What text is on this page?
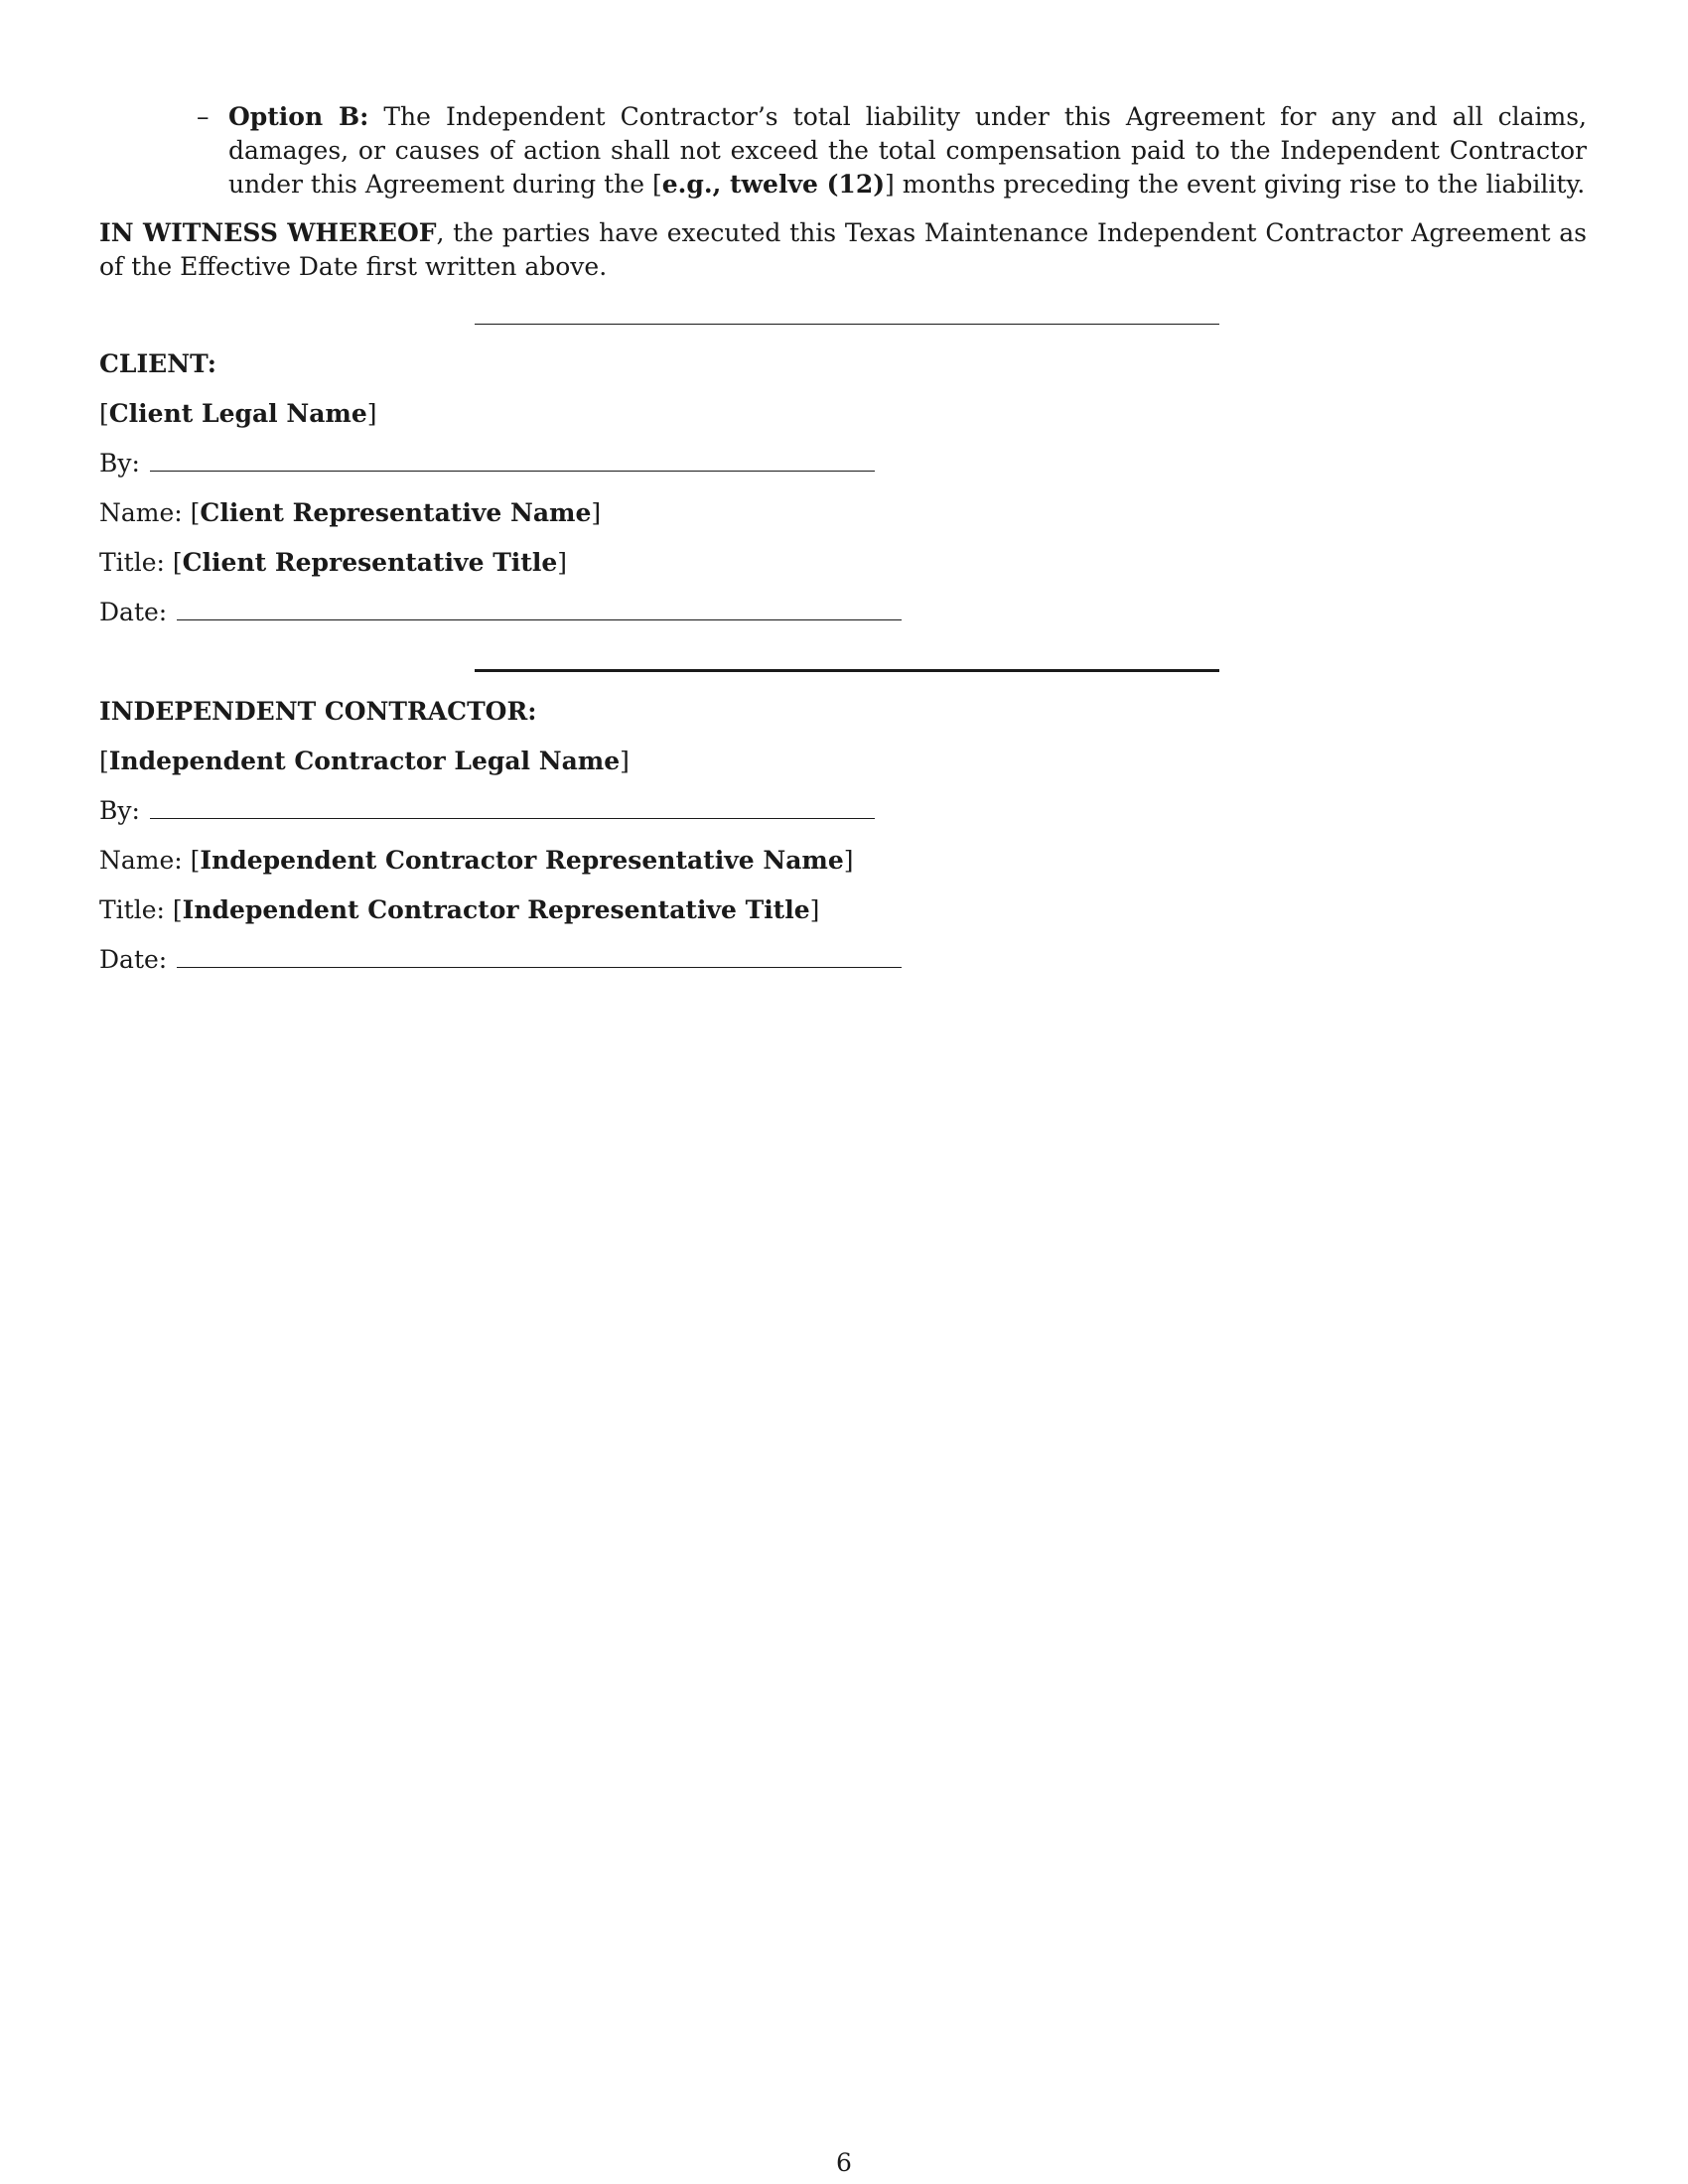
– Option B: The Independent Contractor’s total liability under this Agreement for any and all claims, damages, or causes of action shall not exceed the total compensation paid to the Independent Contractor under this Agreement during the [e.g., twelve (12)] months preceding the event giving rise to the liability.
IN WITNESS WHEREOF, the parties have executed this Texas Maintenance Independent Contractor Agreement as of the Effective Date first written above.
CLIENT:
[Client Legal Name]
By:
Name: [Client Representative Name]
Title: [Client Representative Title]
Date:
INDEPENDENT CONTRACTOR:
[Independent Contractor Legal Name]
By:
Name: [Independent Contractor Representative Name]
Title: [Independent Contractor Representative Title]
Date:
6
